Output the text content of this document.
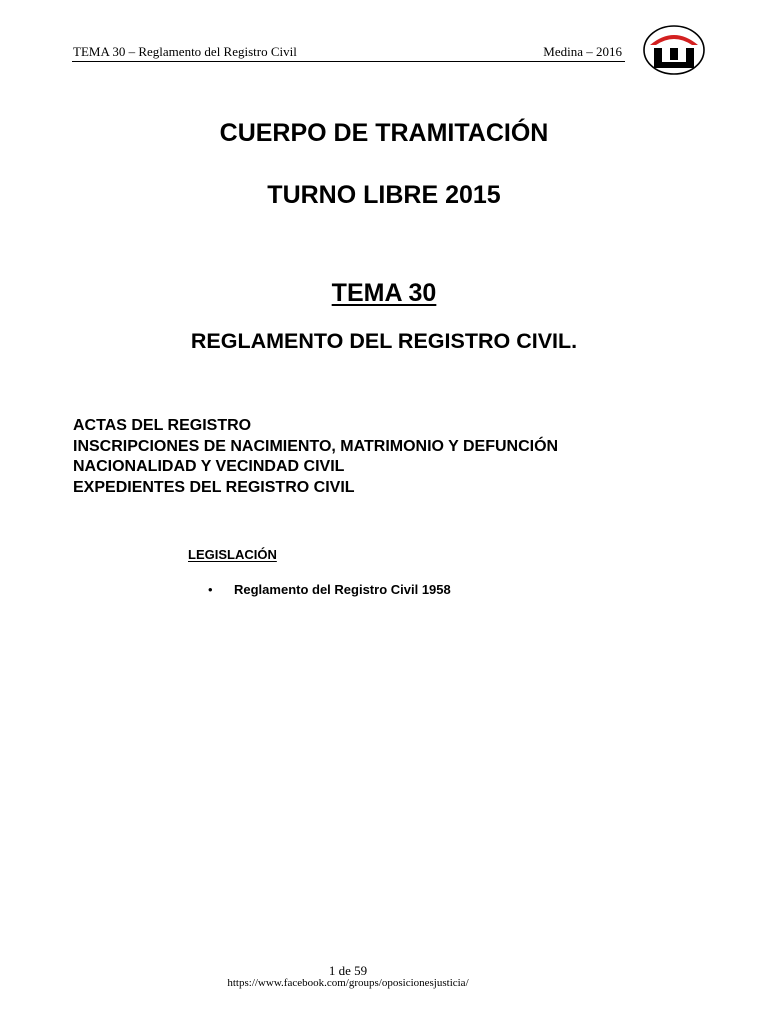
TEMA 30 – Reglamento del Registro Civil	Medina – 2016
CUERPO DE TRAMITACIÓN
TURNO LIBRE 2015
TEMA 30
REGLAMENTO DEL REGISTRO CIVIL.
ACTAS DEL REGISTRO
INSCRIPCIONES DE NACIMIENTO, MATRIMONIO Y DEFUNCIÓN
NACIONALIDAD Y VECINDAD CIVIL
EXPEDIENTES DEL REGISTRO CIVIL
LEGISLACIÓN
• Reglamento del Registro Civil 1958
1 de 59
https://www.facebook.com/groups/oposicionesjusticia/
